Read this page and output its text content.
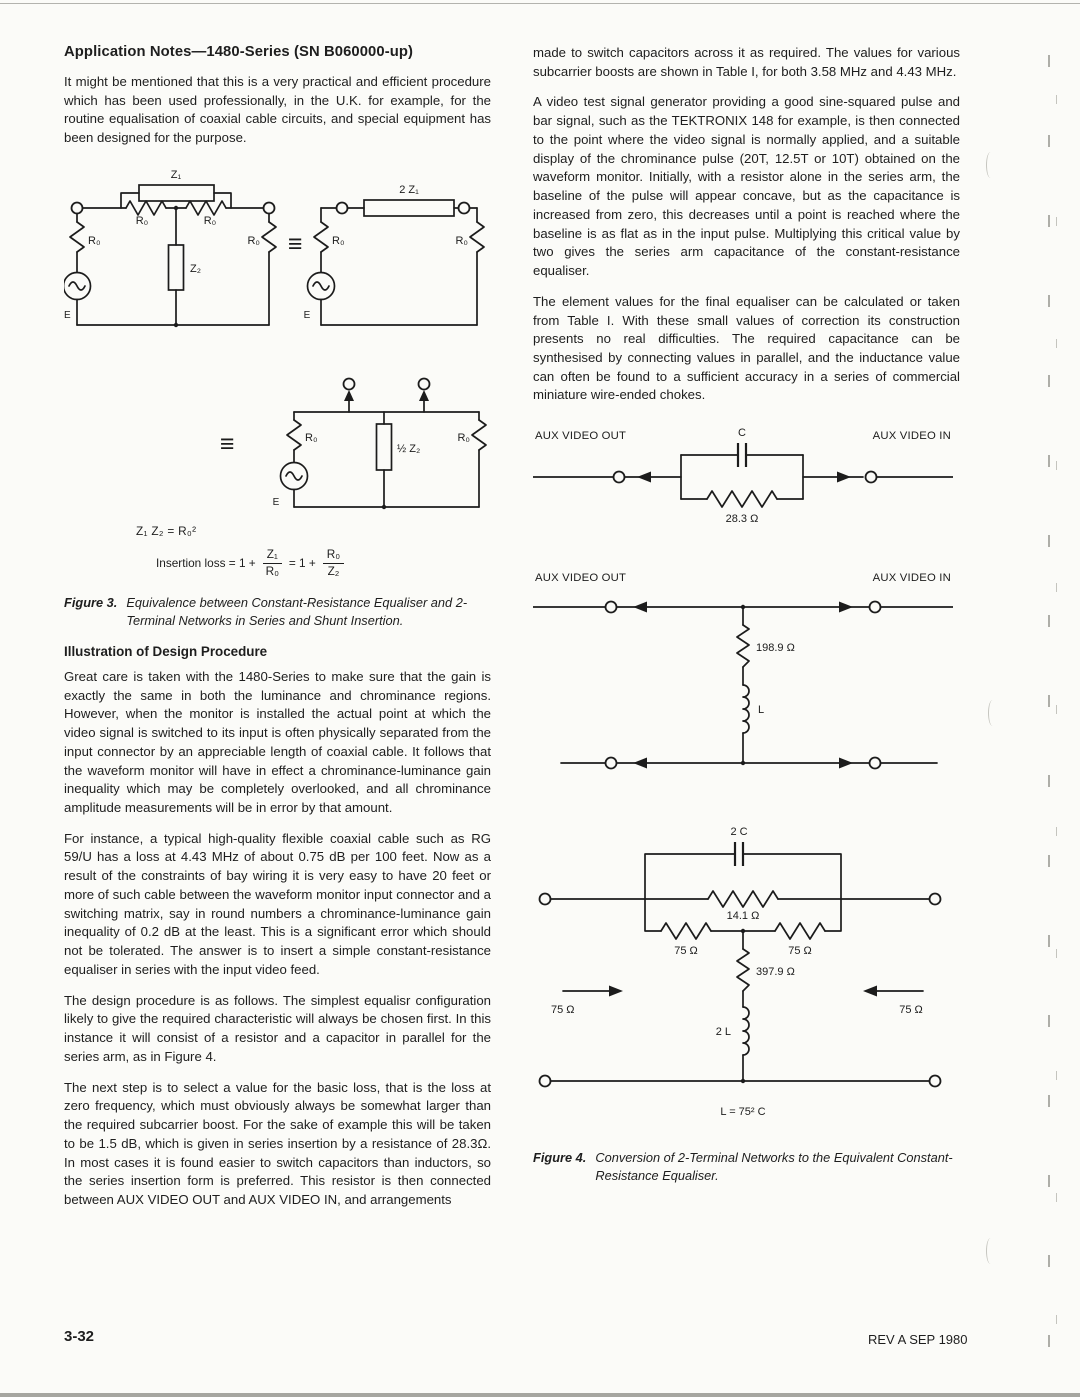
Application Notes—1480-Series (SN B060000-up)

It might be mentioned that this is a very practical and efficient procedure which has been used professionally, in the U.K. for example, for the routine equalisation of coaxial cable circuits, and special equipment has been designed for the purpose.

Z₁
Z₂
R₀	R₀
R₀
E
R₀ ≡
2 Z₁
R₀
E
R₀
≡	R₀
E
½ Z₂
R₀
Z₁ Z₂ = R₀²
Insertion loss = $1 + \frac{\text{Z₁}}{\text{R₀}} = 1 + \frac{\text{R₀}}{\text{Z₂}}$
Figure 3. Equivalence between Constant-Resistance Equaliser and 2-Terminal Networks in Series and Shunt Insertion.
Illustration of Design Procedure

Great care is taken with the 1480-Series to make sure that the gain is exactly the same in both the luminance and chrominance regions. However, when the monitor is installed the actual point at which the video signal is switched to its input is often physically separated from the input connector by an appreciable length of coaxial cable. It follows that the waveform monitor will have in effect a chrominance-luminance gain inequality which may be completely overlooked, and all chrominance amplitude measurements will be in error by that amount.

For instance, a typical high-quality flexible coaxial cable such as RG 59/U has a loss at 4.43 MHz of about 0.75 dB per 100 feet. Now as a result of the constraints of bay wiring it is very easy to have 20 feet or more of such cable between the waveform monitor input connector and a switching matrix, say in round numbers a chrominance-luminance gain inequality of 0.2 dB at the least. This is a significant error which should not be tolerated. The answer is to insert a simple constant-resistance equaliser in series with the input video feed.

The design procedure is as follows. The simplest equalisr configuration likely to give the required characteristic will always be chosen first. In this instance it will consist of a resistor and a capacitor in parallel for the series arm, as in Figure 4.

The next step is to select a value for the basic loss, that is the loss at zero frequency, which must obviously always be somewhat larger than the required subcarrier boost. For the sake of example this will be taken to be 1.5 dB, which is given in series insertion by a resistance of 28.3Ω. In most cases it is found easier to switch capacitors than inductors, so the series insertion form is preferred. This resistor is then connected between AUX VIDEO OUT and AUX VIDEO IN, and arrangements

made to switch capacitors across it as required. The values for various subcarrier boosts are shown in Table I, for both 3.58 MHz and 4.43 MHz.

A video test signal generator providing a good sine-squared pulse and bar signal, such as the TEKTRONIX 148 for example, is then connected to the point where the video signal is normally applied, and a suitable display of the chrominance pulse (20T, 12.5T or 10T) obtained on the waveform monitor. Initially, with a resistor alone in the series arm, the baseline of the pulse will appear concave, but as the capacitance is increased from zero, this decreases until a point is reached where the baseline is as flat as in the input pulse. Multiplying this critical value by two gives the series arm capacitance of the constant-resistance equaliser.

The element values for the final equaliser can be calculated or taken from Table I. With these small values of correction its construction presents no real difficulties. The required capacitance can be synthesised by connecting values in parallel, and the inductance value can often be found to a sufficient accuracy in a series of commercial miniature wire-ended chokes.

AUX VIDEO OUT	AUX VIDEO IN
C
28.3 Ω
AUX VIDEO OUT	AUX VIDEO IN
198.9 Ω
L
2 C
14.1 Ω
75 Ω	75 Ω
397.9 Ω
2 L
75 Ω	75 Ω
L = 75² C
Figure 4. Conversion of 2-Terminal Networks to the Equivalent Constant-Resistance Equaliser.
3-32	REV A SEP 1980
